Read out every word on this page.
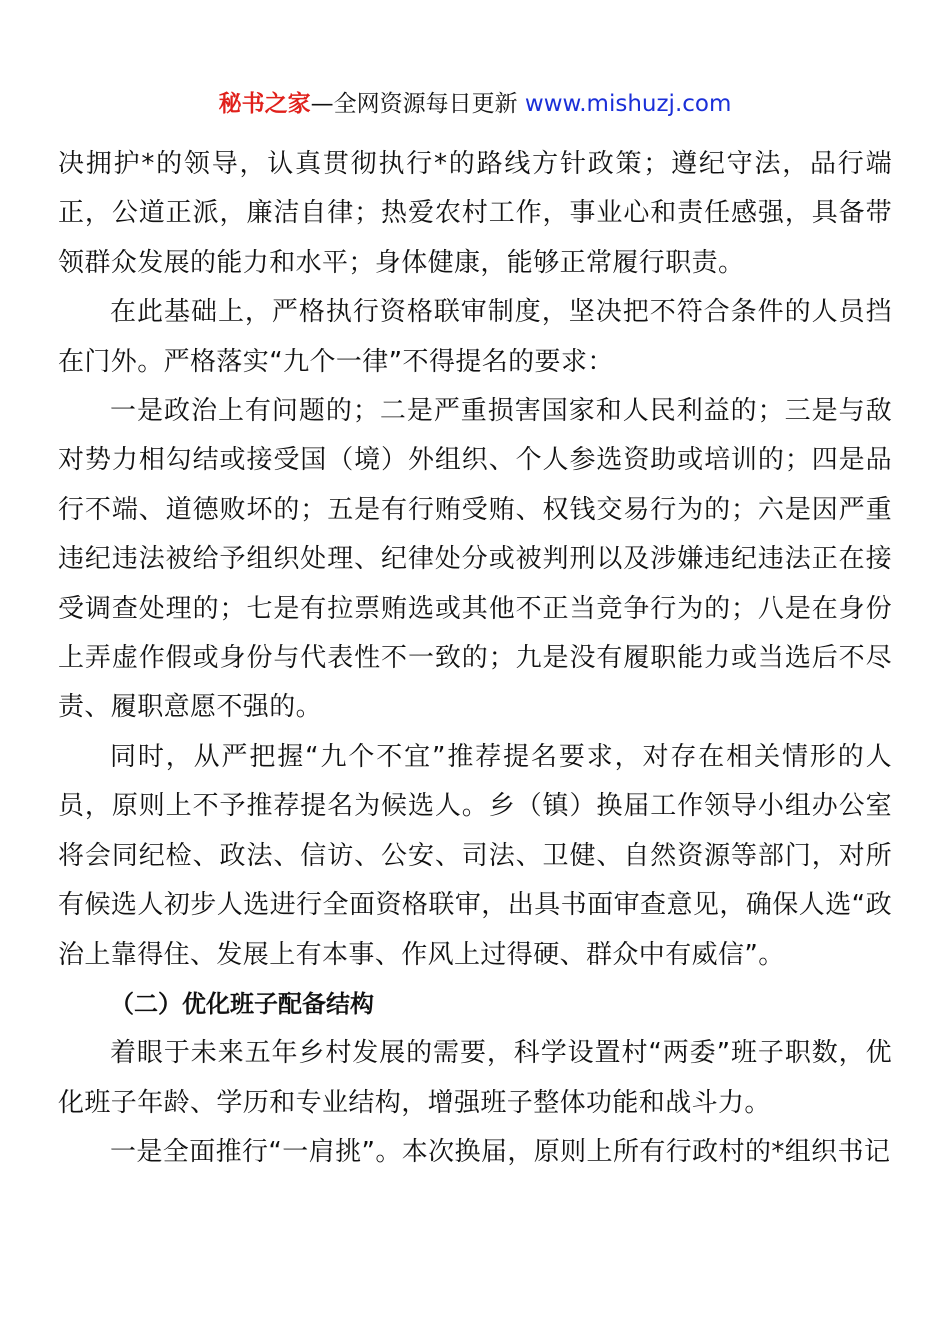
秘书之家—全网资源每日更新 www.mishuzj.com

决拥护*的领导，认真贯彻执行*的路线方针政策；遵纪守法，品行端正，公道正派，廉洁自律；热爱农村工作，事业心和责任感强，具备带领群众发展的能力和水平；身体健康，能够正常履行职责。

在此基础上，严格执行资格联审制度，坚决把不符合条件的人员挡在门外。严格落实“九个一律”不得提名的要求：

一是政治上有问题的；二是严重损害国家和人民利益的；三是与敌对势力相勾结或接受国（境）外组织、个人参选资助或培训的；四是品行不端、道德败坏的；五是有行贿受贿、权钱交易行为的；六是因严重违纪违法被给予组织处理、纪律处分或被判刑以及涉嫌违纪违法正在接受调查处理的；七是有拉票贿选或其他不正当竞争行为的；八是在身份上弄虚作假或身份与代表性不一致的；九是没有履职能力或当选后不尽责、履职意愿不强的。

同时，从严把握“九个不宜”推荐提名要求，对存在相关情形的人员，原则上不予推荐提名为候选人。乡（镇）换届工作领导小组办公室将会同纪检、政法、信访、公安、司法、卫健、自然资源等部门，对所有候选人初步人选进行全面资格联审，出具书面审查意见，确保人选“政治上靠得住、发展上有本事、作风上过得硬、群众中有威信”。

（二）优化班子配备结构

着眼于未来五年乡村发展的需要，科学设置村“两委”班子职数，优化班子年龄、学历和专业结构，增强班子整体功能和战斗力。

一是全面推行“一肩挑”。本次换届，原则上所有行政村的*组织书记
